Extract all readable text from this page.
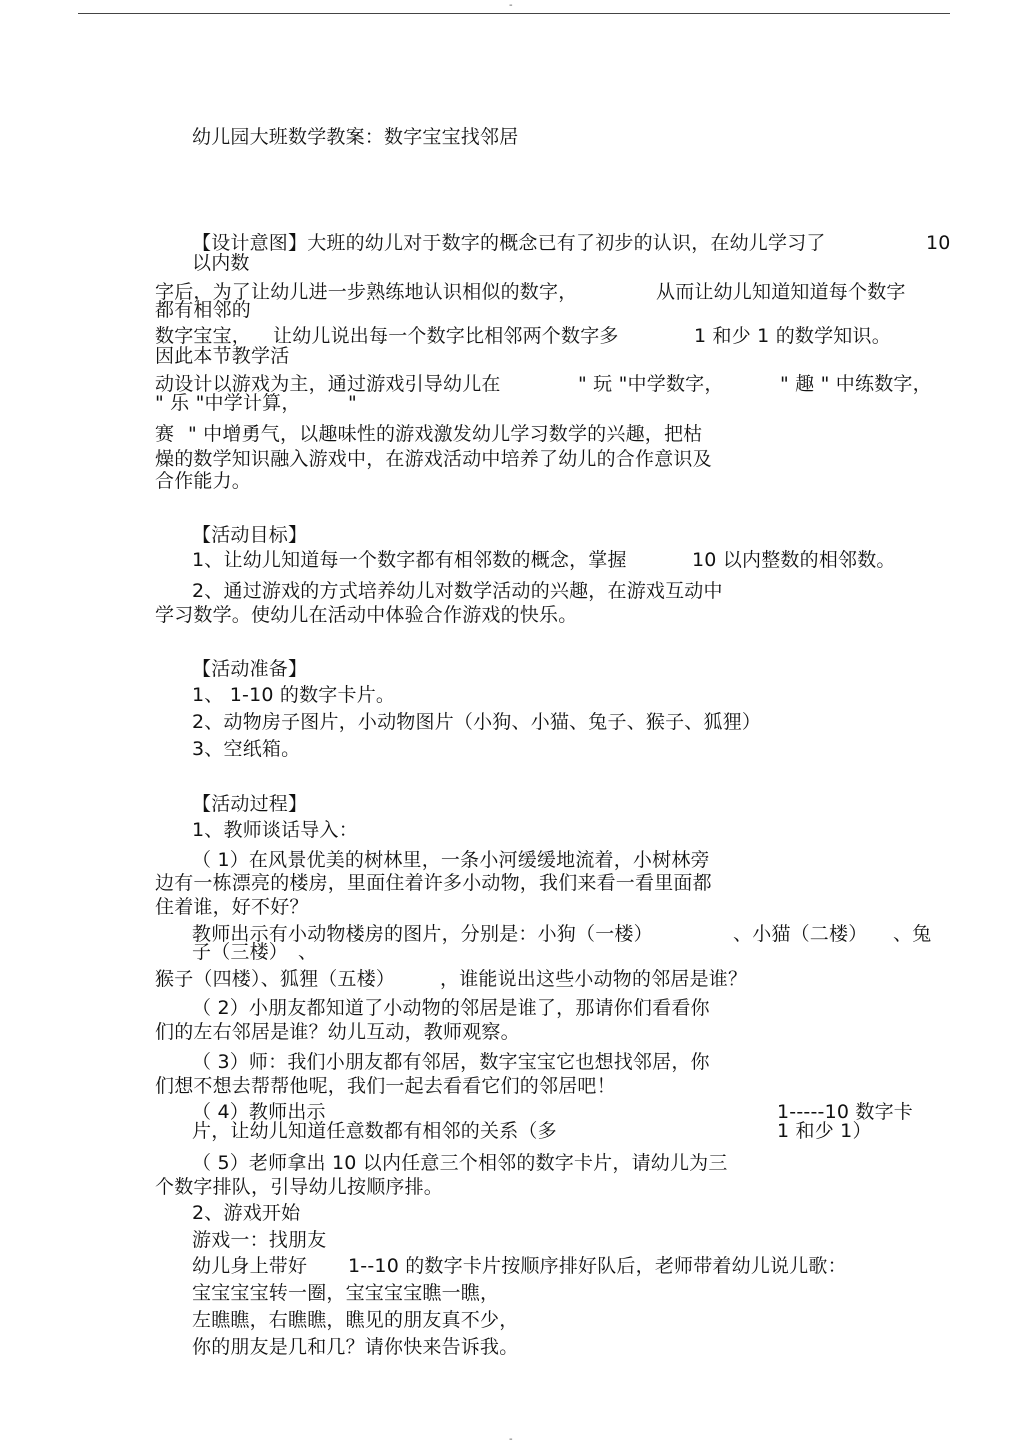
-
幼儿园大班数学教案：数字宝宝找邻居
【设计意图】大班的幼儿对于数字的概念已有了初步的认识，在幼儿学习了	10
以内数
字后，为了让幼儿进一步熟练地认识相似的数字，	从而让幼儿知道知道每个数字
都有相邻的
数字宝宝， 让幼儿说出每一个数字比相邻两个数字多	1 和少 1 的数学知识。
因此本节教学活
动设计以游戏为主，通过游戏引导幼儿在	" 玩 "中学数字，	" 趣 " 中练数字，
" 乐 "中学计算， "
赛 " 中增勇气，以趣味性的游戏激发幼儿学习数学的兴趣，把枯
燥的数学知识融入游戏中，在游戏活动中培养了幼儿的合作意识及
合作能力。
【活动目标】
1、让幼儿知道每一个数字都有相邻数的概念，掌握	10 以内整数的相邻数。
2、通过游戏的方式培养幼儿对数学活动的兴趣，在游戏互动中
学习数学。使幼儿在活动中体验合作游戏的快乐。
【活动准备】
1、 1-10 的数字卡片。
2、动物房子图片，小动物图片（小狗、小猫、兔子、猴子、狐狸）
3、空纸箱。
【活动过程】
1、教师谈话导入：
（ 1）在风景优美的树林里，一条小河缓缓地流着，小树林旁
边有一栋漂亮的楼房，里面住着许多小动物，我们来看一看里面都
住着谁，好不好？
教师出示有小动物楼房的图片，分别是：小狗（一楼）	、小猫（二楼） 、兔
子（三楼） 、
猴子（四楼）、狐狸（五楼） ，谁能说出这些小动物的邻居是谁？
（ 2）小朋友都知道了小动物的邻居是谁了，那请你们看看你
们的左右邻居是谁？幼儿互动，教师观察。
（ 3）师：我们小朋友都有邻居，数字宝宝它也想找邻居，你
们想不想去帮帮他呢，我们一起去看看它们的邻居吧！
（ 4）教师出示	1-----10 数字卡
片，让幼儿知道任意数都有相邻的关系（多	1 和少 1）
（ 5）老师拿出 10 以内任意三个相邻的数字卡片，请幼儿为三
个数字排队，引导幼儿按顺序排。
2、游戏开始
游戏一：找朋友
幼儿身上带好 1--10 的数字卡片按顺序排好队后，老师带着幼儿说儿歌：
宝宝宝宝转一圈，宝宝宝宝瞧一瞧，
左瞧瞧，右瞧瞧，瞧见的朋友真不少，
你的朋友是几和几？请你快来告诉我。
-
